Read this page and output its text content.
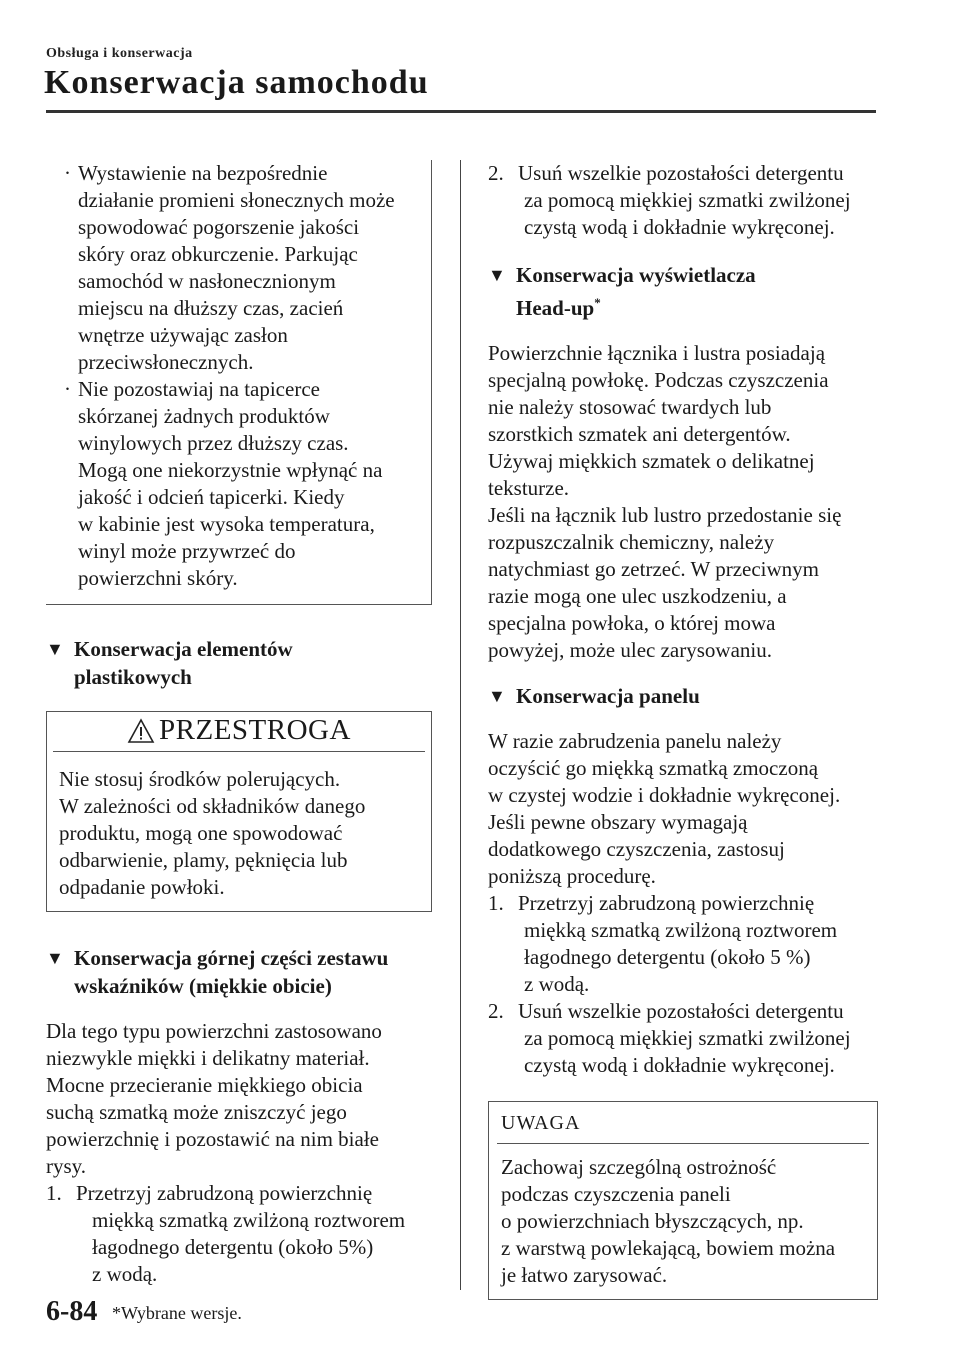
Obsługa i konserwacja
Konserwacja samochodu
· Wystawienie na bezpośrednie
działanie promieni słonecznych może
spowodować pogorszenie jakości
skóry oraz obkurczenie. Parkując
samochód w nasłonecznionym
miejscu na dłuższy czas, zacień
wnętrze używając zasłon
przeciwsłonecznych.
· Nie pozostawiaj na tapicerce
skórzanej żadnych produktów
winylowych przez dłuższy czas.
Mogą one niekorzystnie wpłynąć na
jakość i odcień tapicerki. Kiedy
w kabinie jest wysoka temperatura,
winyl może przywrzeć do
powierzchni skóry.
▼ Konserwacja elementów
plastikowych
PRZESTROGA
Nie stosuj środków polerujących.
W zależności od składników danego
produktu, mogą one spowodować
odbarwienie, plamy, pęknięcia lub
odpadanie powłoki.
▼ Konserwacja górnej części zestawu
wskaźników (miękkie obicie)
Dla tego typu powierzchni zastosowano
niezwykle miękki i delikatny materiał.
Mocne przecieranie miękkiego obicia
suchą szmatką może zniszczyć jego
powierzchnię i pozostawić na nim białe
rysy.
1. Przetrzyj zabrudzoną powierzchnię
miękką szmatką zwilżoną roztworem
łagodnego detergentu (około 5%)
z wodą.
2. Usuń wszelkie pozostałości detergentu
za pomocą miękkiej szmatki zwilżonej
czystą wodą i dokładnie wykręconej.
▼ Konserwacja wyświetlacza
Head-up*
Powierzchnie łącznika i lustra posiadają
specjalną powłokę. Podczas czyszczenia
nie należy stosować twardych lub
szorstkich szmatek ani detergentów.
Używaj miękkich szmatek o delikatnej
teksturze.
Jeśli na łącznik lub lustro przedostanie się
rozpuszczalnik chemiczny, należy
natychmiast go zetrzeć. W przeciwnym
razie mogą one ulec uszkodzeniu, a
specjalna powłoka, o której mowa
powyżej, może ulec zarysowaniu.
▼ Konserwacja panelu
W razie zabrudzenia panelu należy
oczyścić go miękką szmatką zmoczoną
w czystej wodzie i dokładnie wykręconej.
Jeśli pewne obszary wymagają
dodatkowego czyszczenia, zastosuj
poniższą procedurę.
1. Przetrzyj zabrudzoną powierzchnię
miękką szmatką zwilżoną roztworem
łagodnego detergentu (około 5 %)
z wodą.
2. Usuń wszelkie pozostałości detergentu
za pomocą miękkiej szmatki zwilżonej
czystą wodą i dokładnie wykręconej.
UWAGA
Zachowaj szczególną ostrożność
podczas czyszczenia paneli
o powierzchniach błyszczących, np.
z warstwą powlekającą, bowiem można
je łatwo zarysować.
6-84 *Wybrane wersje.
